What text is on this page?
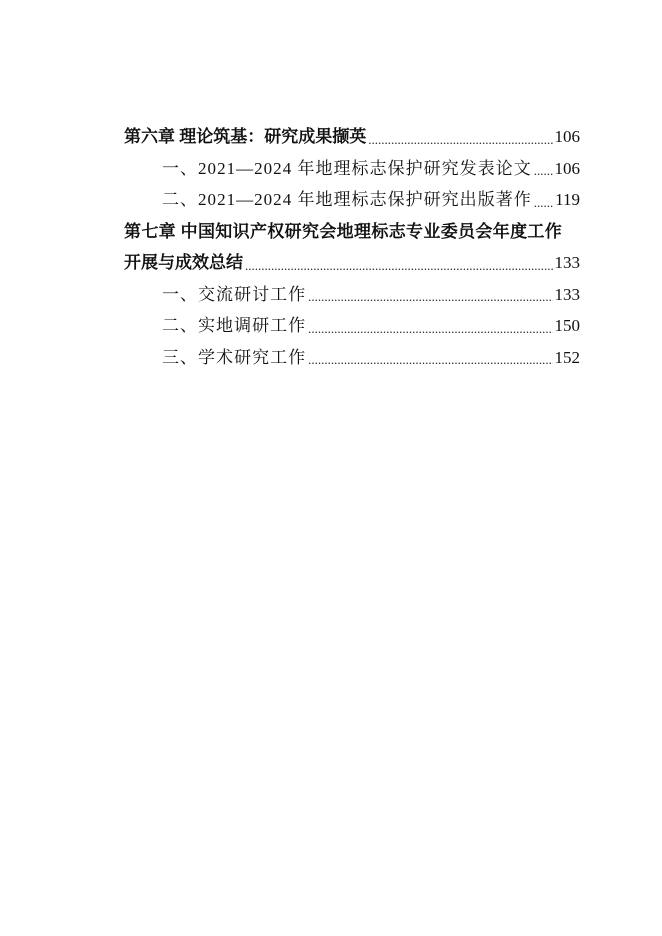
第六章 理论筑基：研究成果撷英 .....	106
一、2021—2024 年地理标志保护研究发表论文 ..... 106
二、2021—2024 年地理标志保护研究出版著作 ..... 119
第七章 中国知识产权研究会地理标志专业委员会年度工作
开展与成效总结 .....	133
一、交流研讨工作 .....	133
二、实地调研工作 .....	150
三、学术研究工作 .....	152
